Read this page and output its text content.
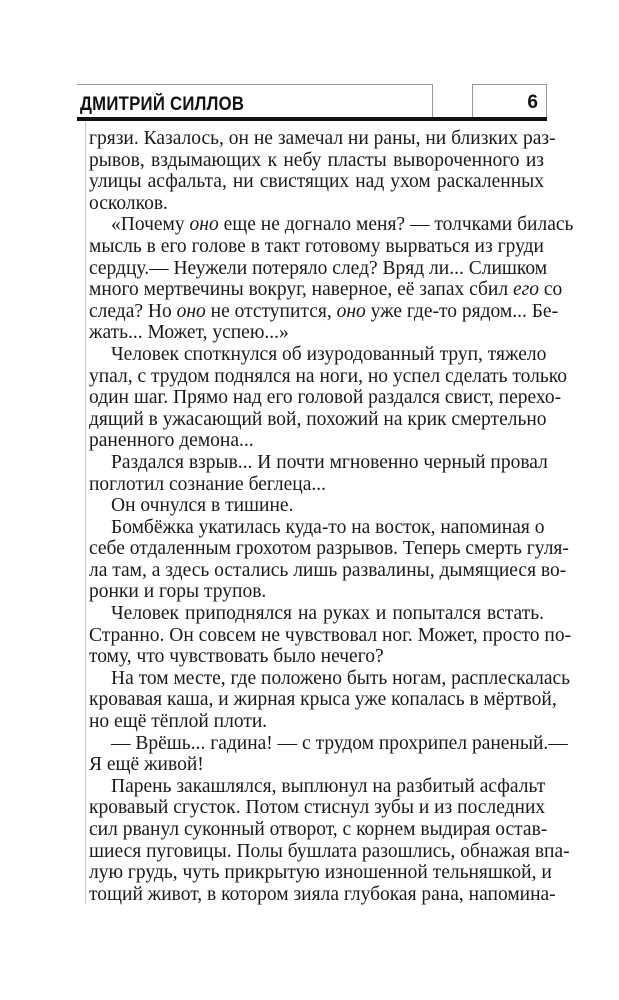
ДМИТРИЙ СИЛЛОВ	6
грязи. Казалось, он не замечал ни раны, ни близких раз-
рывов, вздымающих к небу пласты вывороченного из
улицы асфальта, ни свистящих над ухом раскаленных
осколков.
«Почему оно еще не догнало меня? — толчками билась
мысль в его голове в такт готовому вырваться из груди
сердцу.— Неужели потеряло след? Вряд ли... Слишком
много мертвечины вокруг, наверное, её запах сбил его со
следа? Но оно не отступится, оно уже где-то рядом... Бе-
жать... Может, успею...»
Человек споткнулся об изуродованный труп, тяжело
упал, с трудом поднялся на ноги, но успел сделать только
один шаг. Прямо над его головой раздался свист, перехо-
дящий в ужасающий вой, похожий на крик смертельно
раненного демона...
Раздался взрыв... И почти мгновенно черный провал
поглотил сознание беглеца...
Он очнулся в тишине.
Бомбёжка укатилась куда-то на восток, напоминая о
себе отдаленным грохотом разрывов. Теперь смерть гуля-
ла там, а здесь остались лишь развалины, дымящиеся во-
ронки и горы трупов.
Человек приподнялся на руках и попытался встать.
Странно. Он совсем не чувствовал ног. Может, просто по-
тому, что чувствовать было нечего?
На том месте, где положено быть ногам, расплескалась
кровавая каша, и жирная крыса уже копалась в мёртвой,
но ещё тёплой плоти.
— Врёшь... гадина! — с трудом прохрипел раненый.—
Я ещё живой!
Парень закашлялся, выплюнул на разбитый асфальт
кровавый сгусток. Потом стиснул зубы и из последних
сил рванул суконный отворот, с корнем выдирая остав-
шиеся пуговицы. Полы бушлата разошлись, обнажая впа-
лую грудь, чуть прикрытую изношенной тельняшкой, и
тощий живот, в котором зияла глубокая рана, напомина-
